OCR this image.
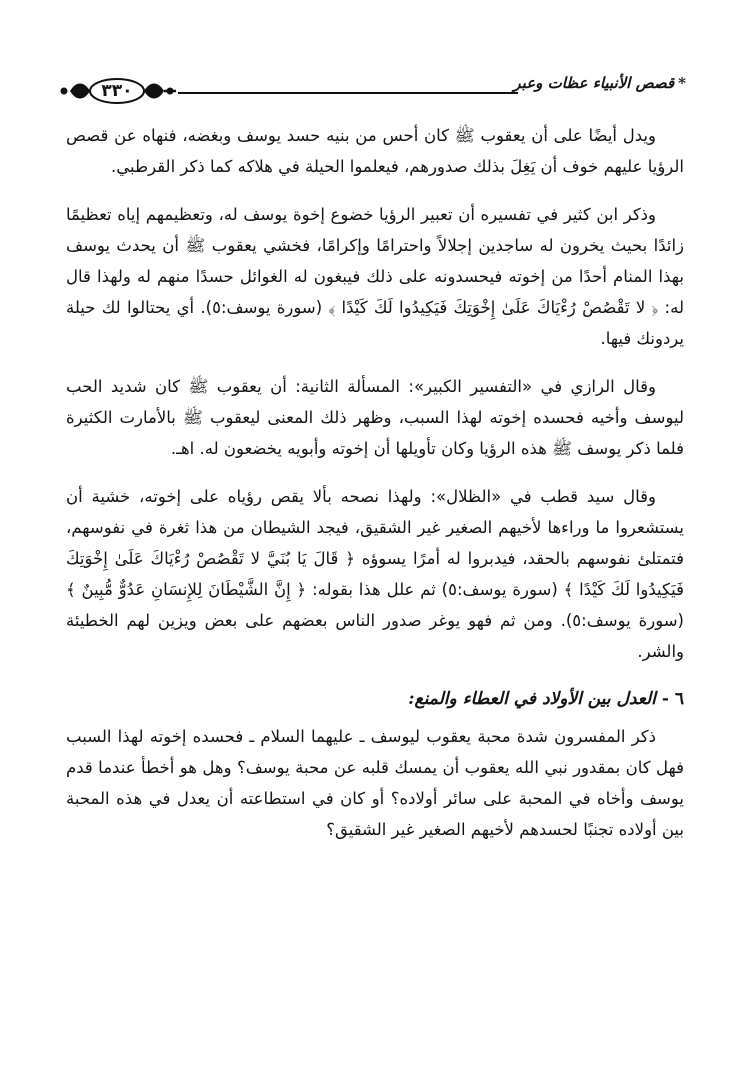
*قصص الأنبياء عظات وعبر
٣٣٠

ويدل أيضًا على أن يعقوب ﷺ كان أحس من بنيه حسد يوسف وبغضه، فنهاه عن قصص الرؤيا عليهم خوف أن يَغِلَ بذلك صدورهم، فيعلموا الحيلة في هلاكه كما ذكر القرطبي.

وذكر ابن كثير في تفسيره أن تعبير الرؤيا خضوع إخوة يوسف له، وتعظيمهم إياه تعظيمًا زائدًا بحيث يخرون له ساجدين إجلالاً واحترامًا وإكرامًا، فخشي يعقوب ﷺ أن يحدث يوسف بهذا المنام أحدًا من إخوته فيحسدونه على ذلك فيبغون له الغوائل حسدًا منهم له ولهذا قال له: ﴿ لا تَقْصُصْ رُءْيَاكَ عَلَىٰ إِخْوَتِكَ فَيَكِيدُوا لَكَ كَيْدًا ﴾ (سورة يوسف:٥). أي يحتالوا لك حيلة يردونك فيها.

وقال الرازي في «التفسير الكبير»: المسألة الثانية: أن يعقوب ﷺ كان شديد الحب ليوسف وأخيه فحسده إخوته لهذا السبب، وظهر ذلك المعنى ليعقوب ﷺ بالأمارت الكثيرة فلما ذكر يوسف ﷺ هذه الرؤيا وكان تأويلها أن إخوته وأبويه يخضعون له. اهـ.

وقال سيد قطب في «الظلال»: ولهذا نصحه بألا يقص رؤياه على إخوته، خشية أن يستشعروا ما وراءها لأخيهم الصغير غير الشقيق، فيجد الشيطان من هذا ثغرة في نفوسهم، فتمتلئ نفوسهم بالحقد، فيدبروا له أمرًا يسوؤه ﴿ قَالَ يَا بُنَيَّ لا تَقْصُصْ رُءْيَاكَ عَلَىٰ إِخْوَتِكَ فَيَكِيدُوا لَكَ كَيْدًا ﴾ (سورة يوسف:٥) ثم علل هذا بقوله: ﴿ إِنَّ الشَّيْطَانَ لِلإِنسَانِ عَدُوٌّ مُّبِينٌ ﴾ (سورة يوسف:٥). ومن ثم فهو يوغر صدور الناس بعضهم على بعض ويزين لهم الخطيئة والشر.

٦ -العدل بين الأولاد في العطاء والمنع:

ذكر المفسرون شدة محبة يعقوب ليوسف ـ عليهما السلام ـ فحسده إخوته لهذا السبب فهل كان بمقدور نبي الله يعقوب أن يمسك قلبه عن محبة يوسف؟ وهل هو أخطأ عندما قدم يوسف وأخاه في المحبة على سائر أولاده؟ أو كان في استطاعته أن يعدل في هذه المحبة بين أولاده تجنبًا لحسدهم لأخيهم الصغير غير الشقيق؟
